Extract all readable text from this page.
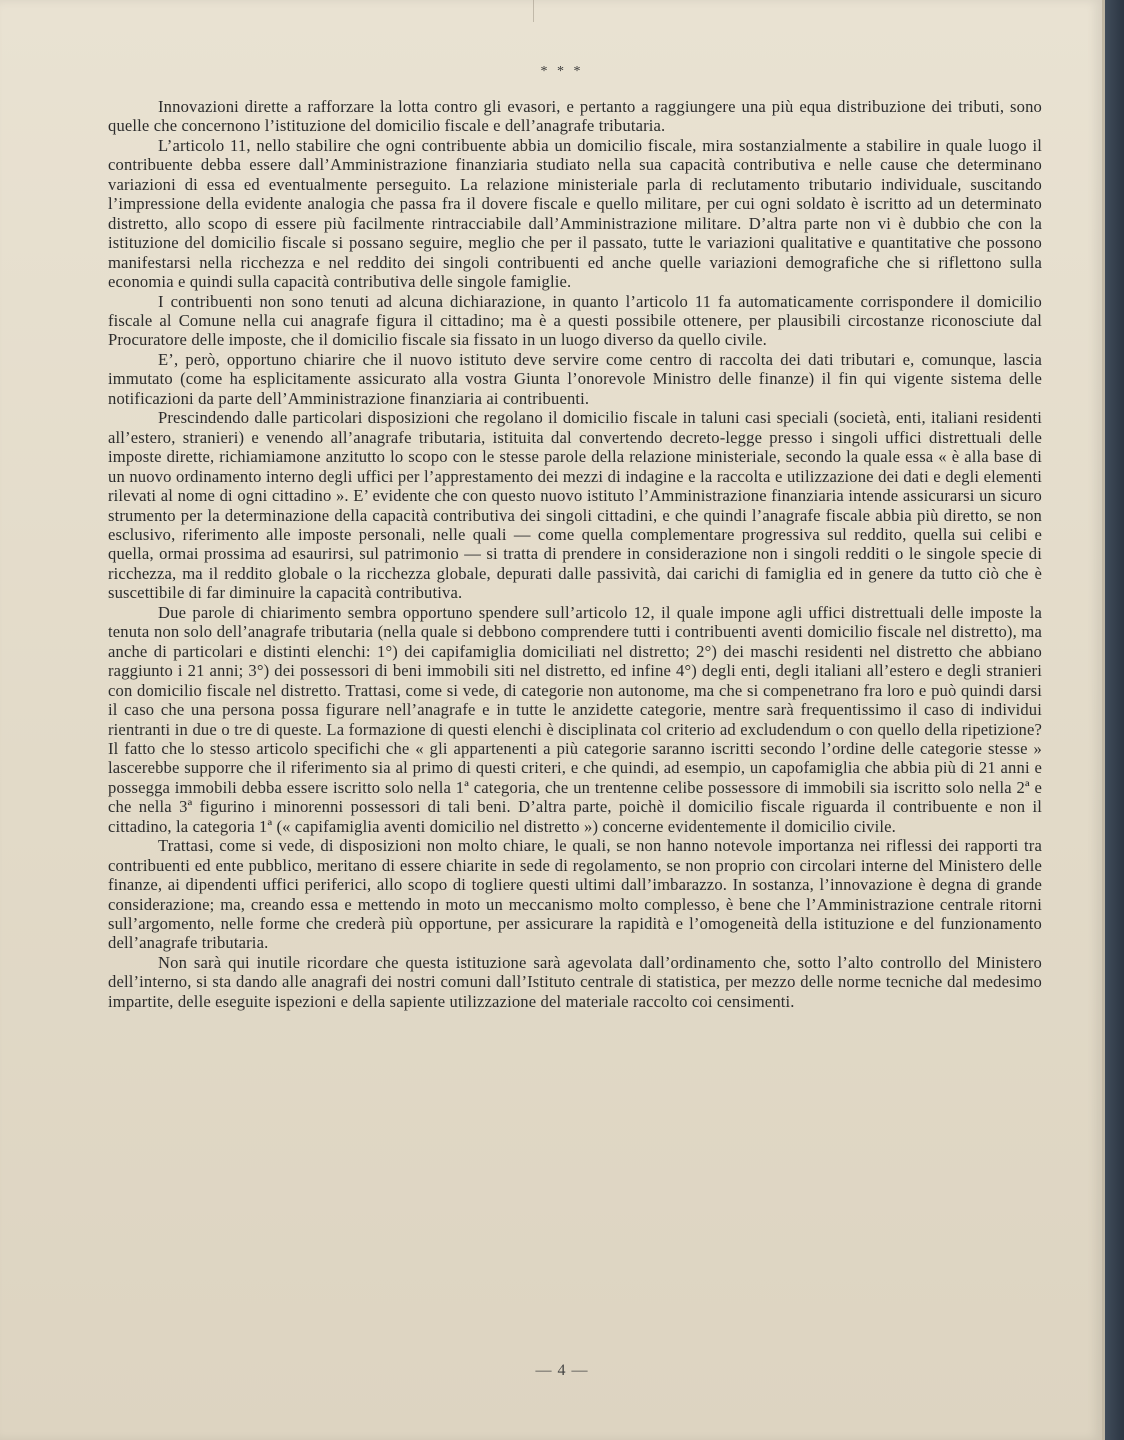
* * *

Innovazioni dirette a rafforzare la lotta contro gli evasori, e pertanto a raggiungere una più equa distribuzione dei tributi, sono quelle che concernono l’istituzione del domicilio fiscale e dell’anagrafe tributaria.

L’articolo 11, nello stabilire che ogni contribuente abbia un domicilio fiscale, mira sostanzialmente a stabilire in quale luogo il contribuente debba essere dall’Amministrazione finanziaria studiato nella sua capacità contributiva e nelle cause che determinano variazioni di essa ed eventualmente perseguito. La relazione ministeriale parla di reclutamento tributario individuale, suscitando l’impressione della evidente analogia che passa fra il dovere fiscale e quello militare, per cui ogni soldato è iscritto ad un determinato distretto, allo scopo di essere più facilmente rintracciabile dall’Amministrazione militare. D’altra parte non vi è dubbio che con la istituzione del domicilio fiscale si possano seguire, meglio che per il passato, tutte le variazioni qualitative e quantitative che possono manifestarsi nella ricchezza e nel reddito dei singoli contribuenti ed anche quelle variazioni demografiche che si riflettono sulla economia e quindi sulla capacità contributiva delle singole famiglie.

I contribuenti non sono tenuti ad alcuna dichiarazione, in quanto l’articolo 11 fa automaticamente corrispondere il domicilio fiscale al Comune nella cui anagrafe figura il cittadino; ma è a questi possibile ottenere, per plausibili circostanze riconosciute dal Procuratore delle imposte, che il domicilio fiscale sia fissato in un luogo diverso da quello civile.

E’, però, opportuno chiarire che il nuovo istituto deve servire come centro di raccolta dei dati tributari e, comunque, lascia immutato (come ha esplicitamente assicurato alla vostra Giunta l’onorevole Ministro delle finanze) il fin qui vigente sistema delle notificazioni da parte dell’Amministrazione finanziaria ai contribuenti.

Prescindendo dalle particolari disposizioni che regolano il domicilio fiscale in taluni casi speciali (società, enti, italiani residenti all’estero, stranieri) e venendo all’anagrafe tributaria, istituita dal convertendo decreto-legge presso i singoli uffici distrettuali delle imposte dirette, richiamiamone anzitutto lo scopo con le stesse parole della relazione ministeriale, secondo la quale essa « è alla base di un nuovo ordinamento interno degli uffici per l’apprestamento dei mezzi di indagine e la raccolta e utilizzazione dei dati e degli elementi rilevati al nome di ogni cittadino ». E’ evidente che con questo nuovo istituto l’Amministrazione finanziaria intende assicurarsi un sicuro strumento per la determinazione della capacità contributiva dei singoli cittadini, e che quindi l’anagrafe fiscale abbia più diretto, se non esclusivo, riferimento alle imposte personali, nelle quali — come quella complementare progressiva sul reddito, quella sui celibi e quella, ormai prossima ad esaurirsi, sul patrimonio — si tratta di prendere in considerazione non i singoli redditi o le singole specie di ricchezza, ma il reddito globale o la ricchezza globale, depurati dalle passività, dai carichi di famiglia ed in genere da tutto ciò che è suscettibile di far diminuire la capacità contributiva.

Due parole di chiarimento sembra opportuno spendere sull’articolo 12, il quale impone agli uffici distrettuali delle imposte la tenuta non solo dell’anagrafe tributaria (nella quale si debbono comprendere tutti i contribuenti aventi domicilio fiscale nel distretto), ma anche di particolari e distinti elenchi: 1°) dei capifamiglia domiciliati nel distretto; 2°) dei maschi residenti nel distretto che abbiano raggiunto i 21 anni; 3°) dei possessori di beni immobili siti nel distretto, ed infine 4°) degli enti, degli italiani all’estero e degli stranieri con domicilio fiscale nel distretto. Trattasi, come si vede, di categorie non autonome, ma che si compenetrano fra loro e può quindi darsi il caso che una persona possa figurare nell’anagrafe e in tutte le anzidette categorie, mentre sarà frequentissimo il caso di individui rientranti in due o tre di queste. La formazione di questi elenchi è disciplinata col criterio ad excludendum o con quello della ripetizione? Il fatto che lo stesso articolo specifichi che « gli appartenenti a più categorie saranno iscritti secondo l’ordine delle categorie stesse » lascerebbe supporre che il riferimento sia al primo di questi criteri, e che quindi, ad esempio, un capofamiglia che abbia più di 21 anni e possegga immobili debba essere iscritto solo nella 1ª categoria, che un trentenne celibe possessore di immobili sia iscritto solo nella 2ª e che nella 3ª figurino i minorenni possessori di tali beni. D’altra parte, poichè il domicilio fiscale riguarda il contribuente e non il cittadino, la categoria 1ª (« capifamiglia aventi domicilio nel distretto ») concerne evidentemente il domicilio civile.

Trattasi, come si vede, di disposizioni non molto chiare, le quali, se non hanno notevole importanza nei riflessi dei rapporti tra contribuenti ed ente pubblico, meritano di essere chiarite in sede di regolamento, se non proprio con circolari interne del Ministero delle finanze, ai dipendenti uffici periferici, allo scopo di togliere questi ultimi dall’imbarazzo. In sostanza, l’innovazione è degna di grande considerazione; ma, creando essa e mettendo in moto un meccanismo molto complesso, è bene che l’Amministrazione centrale ritorni sull’argomento, nelle forme che crederà più opportune, per assicurare la rapidità e l’omogeneità della istituzione e del funzionamento dell’anagrafe tributaria.

Non sarà qui inutile ricordare che questa istituzione sarà agevolata dall’ordinamento che, sotto l’alto controllo del Ministero dell’interno, si sta dando alle anagrafi dei nostri comuni dall’Istituto centrale di statistica, per mezzo delle norme tecniche dal medesimo impartite, delle eseguite ispezioni e della sapiente utilizzazione del materiale raccolto coi censimenti.

— 4 —
